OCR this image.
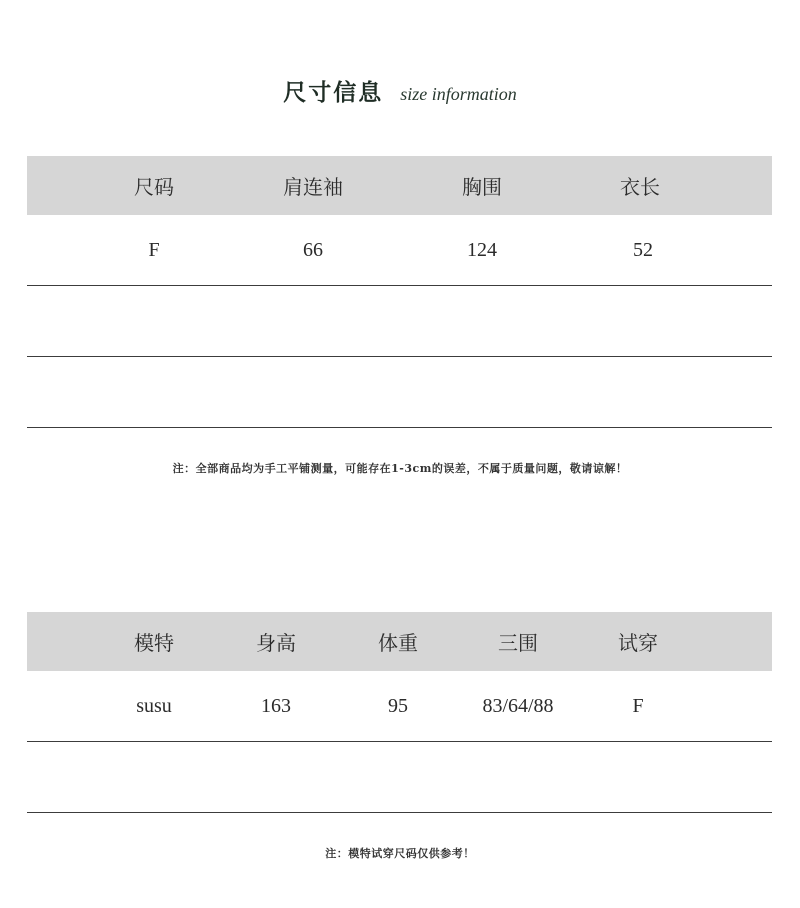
尺寸信息 size information
尺码	肩连袖	胸围	衣长
F	66	124	52
注：全部商品均为手工平铺测量，可能存在1-3cm的误差，不属于质量问题，敬请谅解！
模特	身高	体重	三围	试穿
susu	163	95	83/64/88	F
注：模特试穿尺码仅供参考！
